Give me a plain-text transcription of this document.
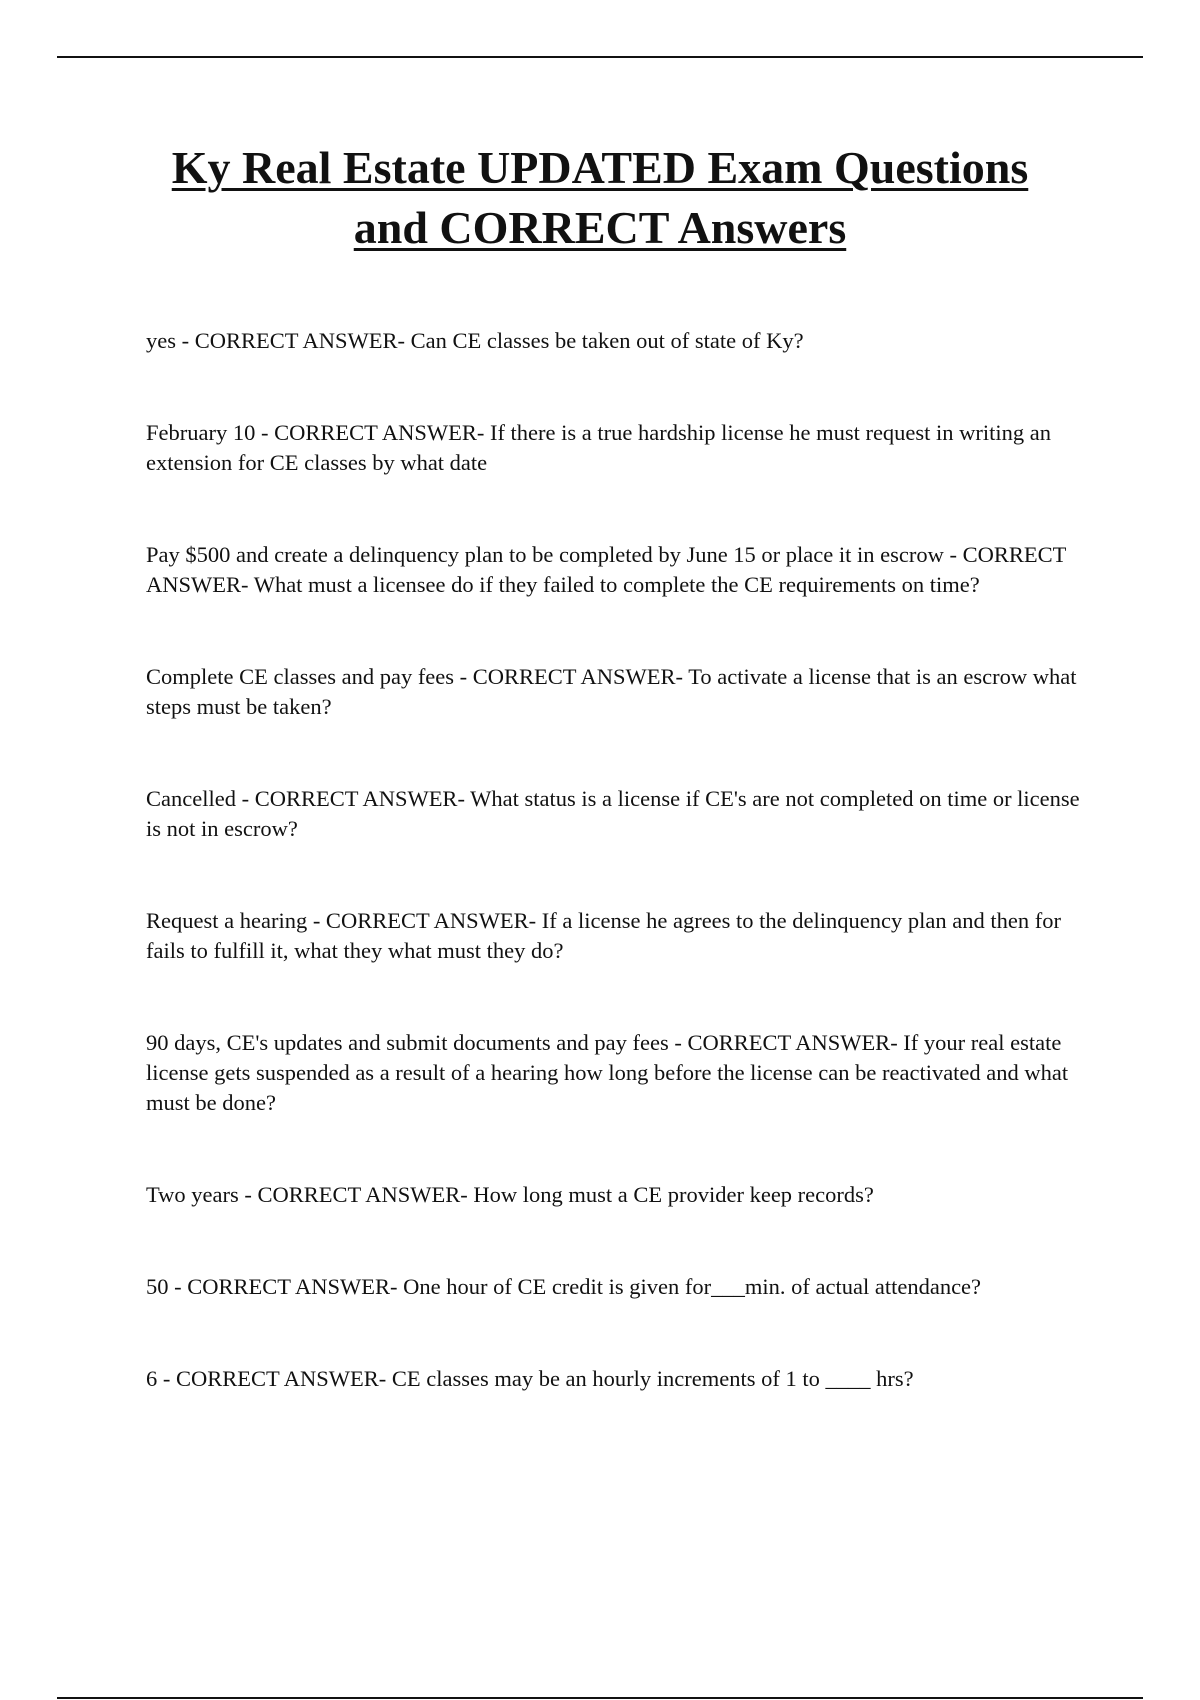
Ky Real Estate UPDATED Exam Questions
and CORRECT Answers
yes - CORRECT ANSWER- Can CE classes be taken out of state of Ky?
February 10 - CORRECT ANSWER- If there is a true hardship license he must request in writing an extension for CE classes by what date
Pay $500 and create a delinquency plan to be completed by June 15 or place it in escrow - CORRECT ANSWER- What must a licensee do if they failed to complete the CE requirements on time?
Complete CE classes and pay fees - CORRECT ANSWER- To activate a license that is an escrow what steps must be taken?
Cancelled - CORRECT ANSWER- What status is a license if CE's are not completed on time or license is not in escrow?
Request a hearing - CORRECT ANSWER- If a license he agrees to the delinquency plan and then for fails to fulfill it, what they what must they do?
90 days, CE's updates and submit documents and pay fees - CORRECT ANSWER- If your real estate license gets suspended as a result of a hearing how long before the license can be reactivated and what must be done?
Two years - CORRECT ANSWER- How long must a CE provider keep records?
50 - CORRECT ANSWER- One hour of CE credit is given for___min. of actual attendance?
6 - CORRECT ANSWER- CE classes may be an hourly increments of 1 to ____ hrs?
